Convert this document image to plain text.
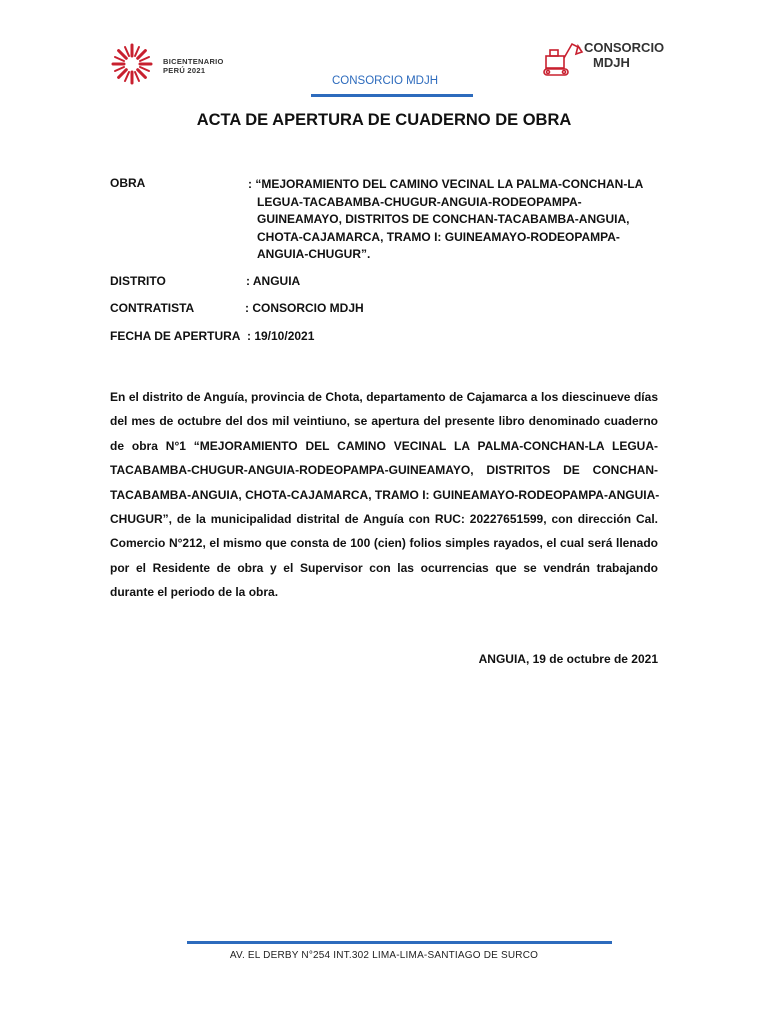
BICENTENARIO
PERÚ 2021
CONSORCIO
MDJH
CONSORCIO MDJH
ACTA DE APERTURA DE CUADERNO DE OBRA
OBRA	: “MEJORAMIENTO DEL CAMINO VECINAL LA PALMA-CONCHAN-LA
LEGUA-TACABAMBA-CHUGUR-ANGUIA-RODEOPAMPA-
GUINEAMAYO, DISTRITOS DE CONCHAN-TACABAMBA-ANGUIA,
CHOTA-CAJAMARCA, TRAMO I: GUINEAMAYO-RODEOPAMPA-
ANGUIA-CHUGUR”.
DISTRITO	: ANGUIA
CONTRATISTA	: CONSORCIO MDJH
FECHA DE APERTURA : 19/10/2021
En el distrito de Anguía, provincia de Chota, departamento de Cajamarca a los diescinueve días
del mes de octubre del dos mil veintiuno, se apertura del presente libro denominado cuaderno
de obra N°1 “MEJORAMIENTO DEL CAMINO VECINAL LA PALMA-CONCHAN-LA LEGUA-
TACABAMBA-CHUGUR-ANGUIA-RODEOPAMPA-GUINEAMAYO, DISTRITOS DE CONCHAN-
TACABAMBA-ANGUIA, CHOTA-CAJAMARCA, TRAMO I: GUINEAMAYO-RODEOPAMPA-ANGUIA-
CHUGUR”, de la municipalidad distrital de Anguía con RUC: 20227651599, con dirección Cal.
Comercio N°212, el mismo que consta de 100 (cien) folios simples rayados, el cual será llenado
por el Residente de obra y el Supervisor con las ocurrencias que se vendrán trabajando
durante el periodo de la obra.
ANGUIA, 19 de octubre de 2021
AV. EL DERBY N°254 INT.302 LIMA-LIMA-SANTIAGO DE SURCO
